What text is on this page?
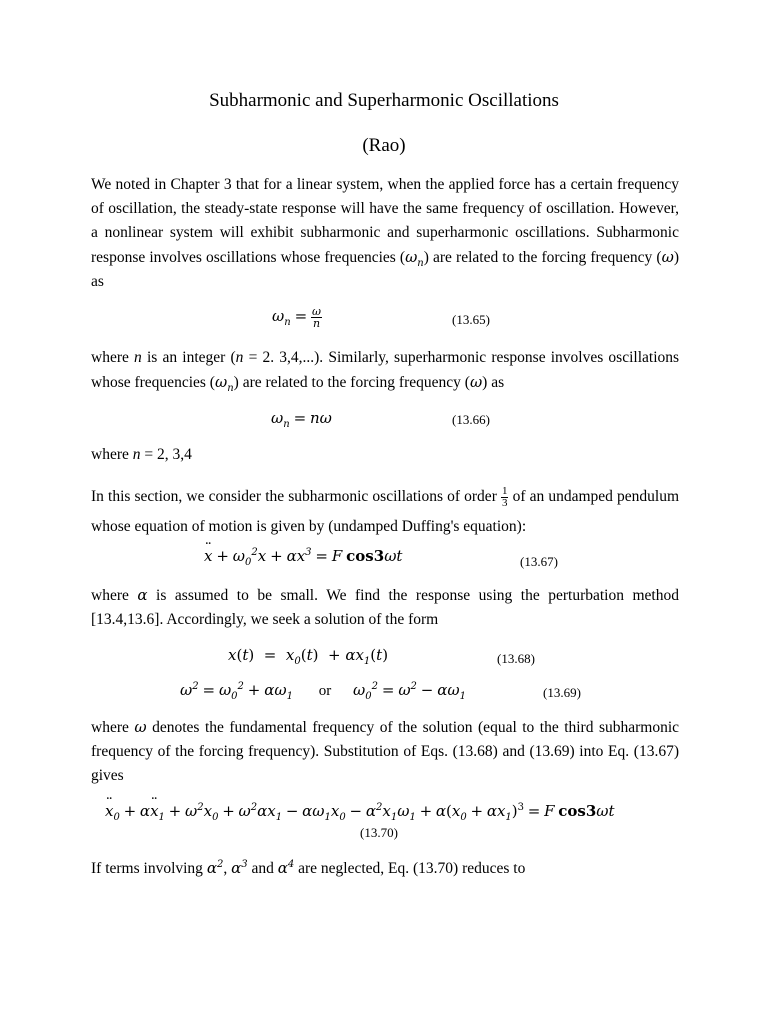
Subharmonic and Superharmonic Oscillations
(Rao)
We noted in Chapter 3 that for a linear system, when the applied force has a certain frequency of oscillation, the steady-state response will have the same frequency of oscillation. However, a nonlinear system will exhibit subharmonic and superharmonic oscillations. Subharmonic response involves oscillations whose frequencies $(\omega_n)$ are related to the forcing frequency (ω) as
$\omega_n = \frac{\omega}{n}$	(13.65)
where n is an integer (n = 2. 3,4,...). Similarly, superharmonic response involves oscillations whose frequencies $(\omega_n)$ are related to the forcing frequency (ω) as
$\omega_n = n\omega$	(13.66)
where n = 2, 3,4
In this section, we consider the subharmonic oscillations of order $\frac{1}{3}$ of an undamped pendulum whose equation of motion is given by (undamped Duffing's equation):
¨ $x + \omega_0^2x + \alpha x^3 = F$ cos3ωt	(13.67)
where α is assumed to be small. We find the response using the perturbation method [13.4,13.6]. Accordingly, we seek a solution of the form
$x(t) = x_0(t) + \alpha x_1(t)$	(13.68)
$\omega^2 = \omega_0^2 + \alpha\omega_1$ or $\omega_0^2 = \omega^2 - \alpha\omega_1$	(13.69)
where ω denotes the fundamental frequency of the solution (equal to the third subharmonic frequency of the forcing frequency). Substitution of Eqs. (13.68) and (13.69) into Eq. (13.67) gives
¨ $x_0$ + α¨ $x_1 + \omega^2x_0 + \omega^2\alpha x_1 - \alpha\omega_1x_0 - \alpha^2x_1\omega_1 + \alpha(x_0 + \alpha x_1)^3 = F$ cos3ωt
(13.70)
If terms involving $\alpha^2$, $\alpha^3$ and $\alpha^4$ are neglected, Eq. (13.70) reduces to
